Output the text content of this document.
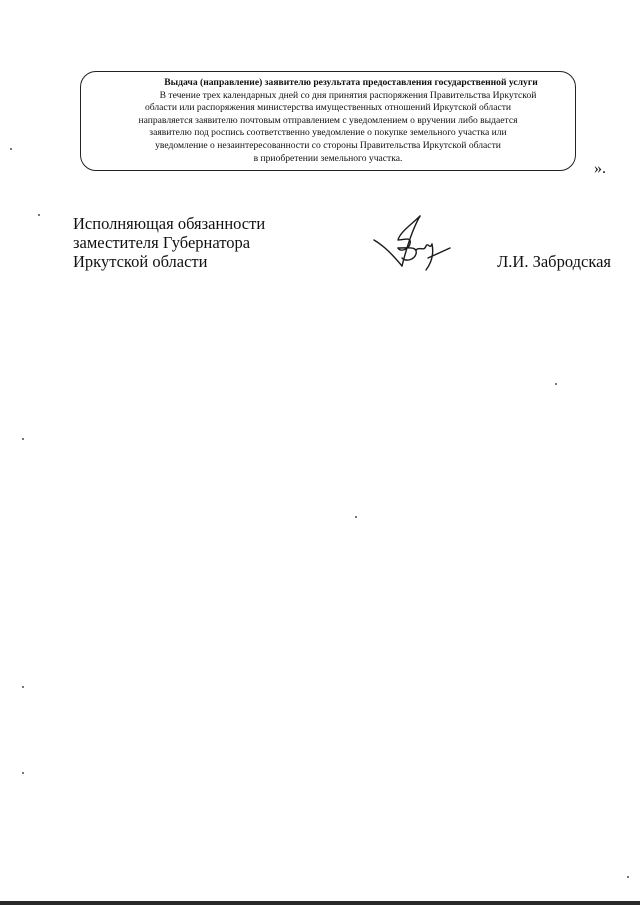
Выдача (направление) заявителю результата предоставления государственной услуги

В течение трех календарных дней со дня принятия распоряжения Правительства Иркутской

области или распоряжения министерства имущественных отношений Иркутской области

направляется заявителю почтовым отправлением с уведомлением о вручении либо выдается

заявителю под роспись соответственно уведомление о покупке земельного участка или

уведомление о незаинтересованности со стороны Правительства Иркутской области

в приобретении земельного участка.

».
Исполняющая обязанности
заместителя Губернатора
Иркутской области	Л.И. Забродская
